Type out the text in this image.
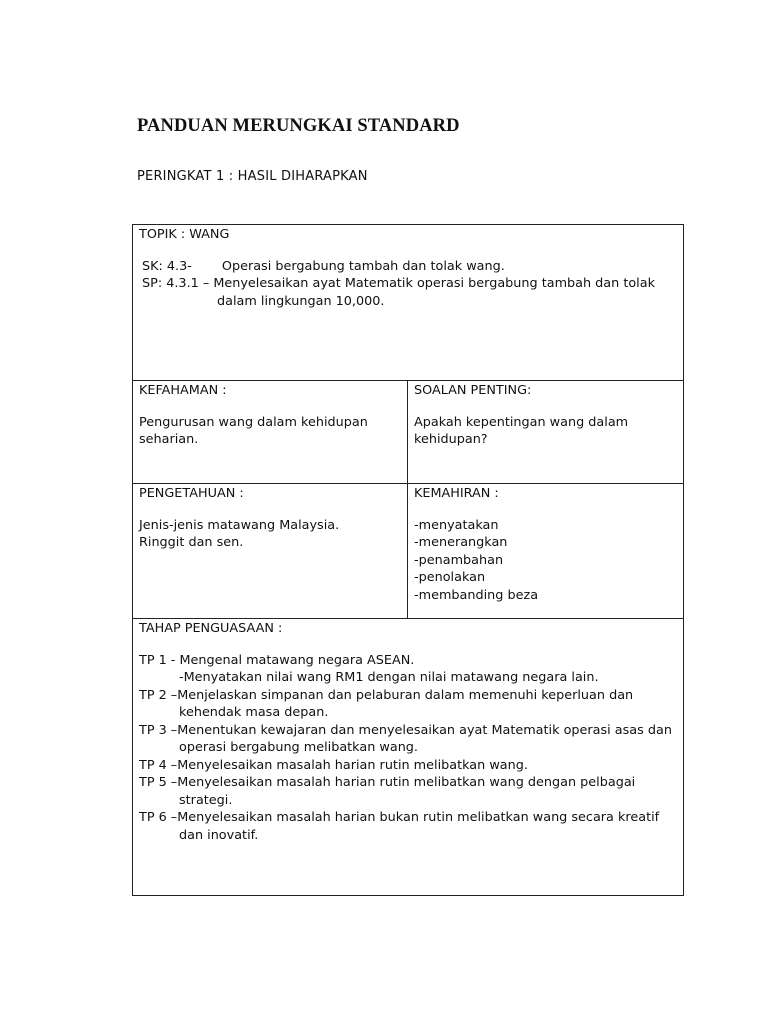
PANDUAN MERUNGKAI STANDARD
PERINGKAT 1 : HASIL DIHARAPKAN
TOPIK : WANG
SK: 4.3- Operasi bergabung tambah dan tolak wang.
SP: 4.3.1 – Menyelesaikan ayat Matematik operasi bergabung tambah dan tolak
dalam lingkungan 10,000.
KEFAHAMAN :
Pengurusan wang dalam kehidupan
seharian.
SOALAN PENTING:
Apakah kepentingan wang dalam
kehidupan?
PENGETAHUAN :
Jenis-jenis matawang Malaysia.
Ringgit dan sen.
KEMAHIRAN :
-menyatakan
-menerangkan
-penambahan
-penolakan
-membanding beza
TAHAP PENGUASAAN :
TP 1 - Mengenal matawang negara ASEAN.
-Menyatakan nilai wang RM1 dengan nilai matawang negara lain.
TP 2 –Menjelaskan simpanan dan pelaburan dalam memenuhi keperluan dan
kehendak masa depan.
TP 3 –Menentukan kewajaran dan menyelesaikan ayat Matematik operasi asas dan
operasi bergabung melibatkan wang.
TP 4 –Menyelesaikan masalah harian rutin melibatkan wang.
TP 5 –Menyelesaikan masalah harian rutin melibatkan wang dengan pelbagai
strategi.
TP 6 –Menyelesaikan masalah harian bukan rutin melibatkan wang secara kreatif
dan inovatif.
